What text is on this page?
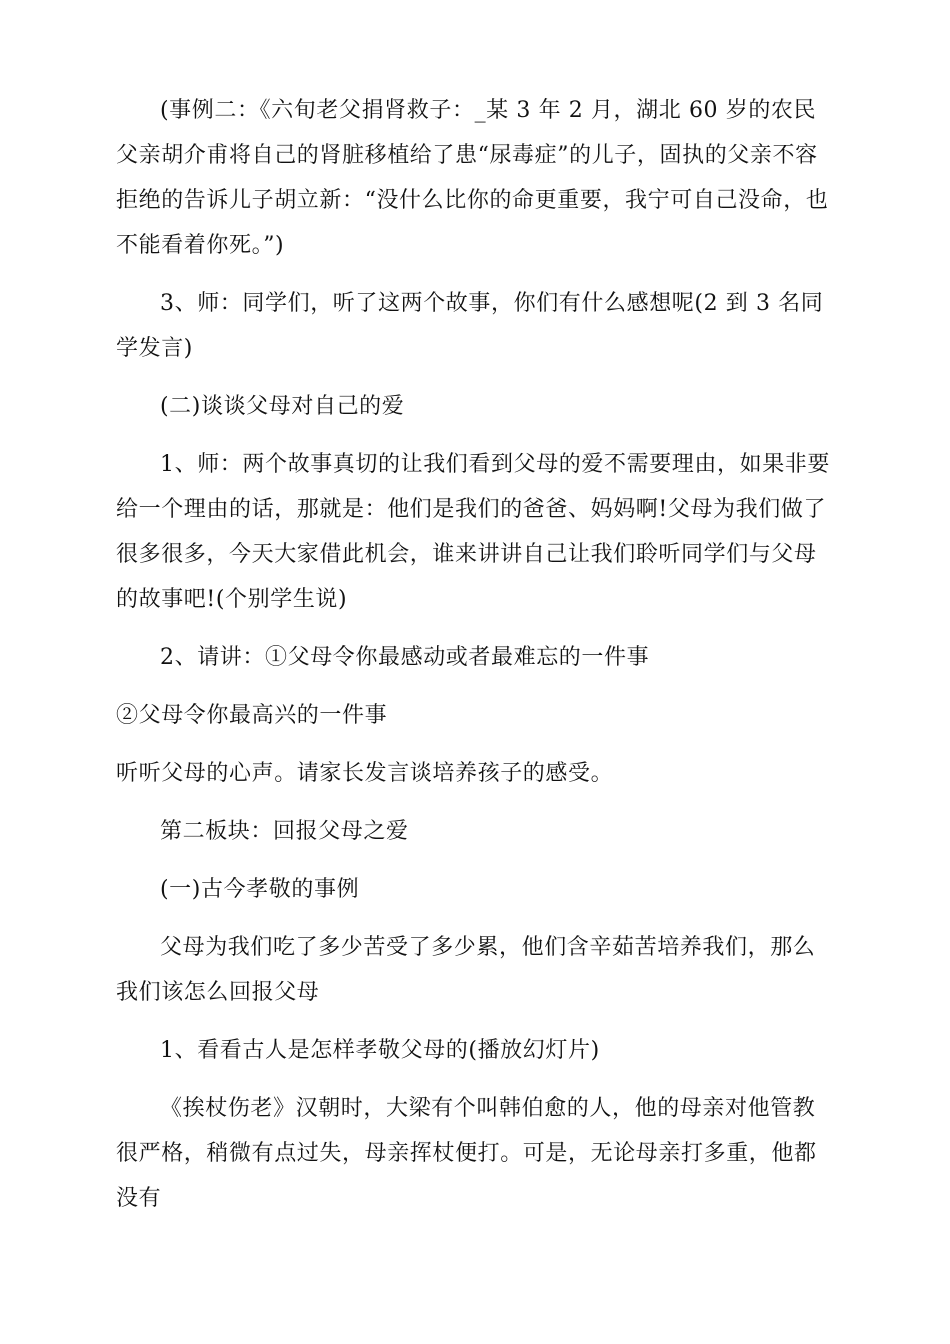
(事例二：《六旬老父捐肾救子：_某 3 年 2 月，湖北 60 岁的农民父亲胡介甫将自己的肾脏移植给了患“尿毒症”的儿子，固执的父亲不容拒绝的告诉儿子胡立新：“没什么比你的命更重要，我宁可自己没命，也不能看着你死。”)

3、师：同学们，听了这两个故事，你们有什么感想呢(2 到 3 名同学发言)

(二)谈谈父母对自己的爱

1、师：两个故事真切的让我们看到父母的爱不需要理由，如果非要给一个理由的话，那就是：他们是我们的爸爸、妈妈啊!父母为我们做了很多很多，今天大家借此机会，谁来讲讲自己让我们聆听同学们与父母的故事吧!(个别学生说)

2、请讲：①父母令你最感动或者最难忘的一件事

②父母令你最高兴的一件事

听听父母的心声。请家长发言谈培养孩子的感受。

第二板块：回报父母之爱

(一)古今孝敬的事例

父母为我们吃了多少苦受了多少累，他们含辛茹苦培养我们，那么我们该怎么回报父母

1、看看古人是怎样孝敬父母的(播放幻灯片)

《挨杖伤老》汉朝时，大梁有个叫韩伯愈的人，他的母亲对他管教很严格，稍微有点过失，母亲挥杖便打。可是，无论母亲打多重，他都没有
